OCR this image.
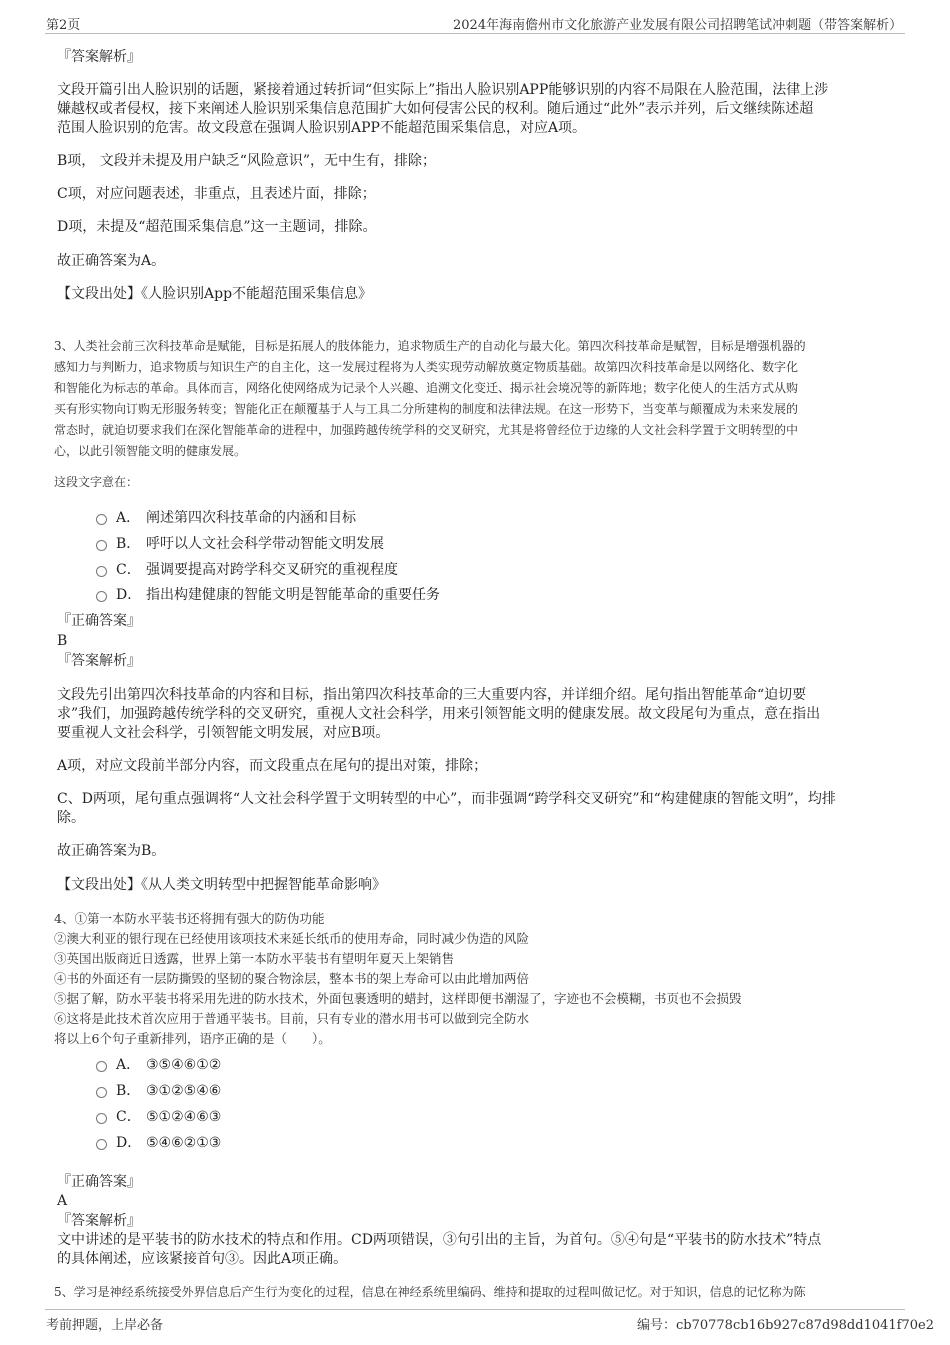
第2页	2024年海南儋州市文化旅游产业发展有限公司招聘笔试冲刺题（带答案解析）
『答案解析』
文段开篇引出人脸识别的话题，紧接着通过转折词“但实际上”指出人脸识别APP能够识别的内容不局限在人脸范围，法律上涉
嫌越权或者侵权，接下来阐述人脸识别采集信息范围扩大如何侵害公民的权利。随后通过“此外”表示并列，后文继续陈述超
范围人脸识别的危害。故文段意在强调人脸识别APP不能超范围采集信息，对应A项。
B项， 文段并未提及用户缺乏“风险意识”，无中生有，排除；
C项，对应问题表述，非重点，且表述片面，排除；
D项，未提及“超范围采集信息”这一主题词，排除。
故正确答案为A。
【文段出处】《人脸识别App不能超范围采集信息》
3、人类社会前三次科技革命是赋能，目标是拓展人的肢体能力，追求物质生产的自动化与最大化。第四次科技革命是赋智，目标是增强机器的
感知力与判断力，追求物质与知识生产的自主化，这一发展过程将为人类实现劳动解放奠定物质基础。故第四次科技革命是以网络化、数字化
和智能化为标志的革命。具体而言，网络化使网络成为记录个人兴趣、追溯文化变迁、揭示社会境况等的新阵地；数字化使人的生活方式从购
买有形实物向订购无形服务转变；智能化正在颠覆基于人与工具二分所建构的制度和法律法规。在这一形势下，当变革与颠覆成为未来发展的
常态时，就迫切要求我们在深化智能革命的进程中，加强跨越传统学科的交叉研究，尤其是将曾经位于边缘的人文社会科学置于文明转型的中
心，以此引领智能文明的健康发展。
这段文字意在：
A． 阐述第四次科技革命的内涵和目标
B． 呼吁以人文社会科学带动智能文明发展
C． 强调要提高对跨学科交叉研究的重视程度
D． 指出构建健康的智能文明是智能革命的重要任务
『正确答案』
B
『答案解析』
文段先引出第四次科技革命的内容和目标，指出第四次科技革命的三大重要内容，并详细介绍。尾句指出智能革命“迫切要
求”我们，加强跨越传统学科的交叉研究，重视人文社会科学，用来引领智能文明的健康发展。故文段尾句为重点，意在指出
要重视人文社会科学，引领智能文明发展，对应B项。
A项，对应文段前半部分内容，而文段重点在尾句的提出对策，排除；
C、D两项，尾句重点强调将“人文社会科学置于文明转型的中心”，而非强调“跨学科交叉研究”和“构建健康的智能文明”，均排
除。
故正确答案为B。
【文段出处】《从人类文明转型中把握智能革命影响》
4、①第一本防水平装书还将拥有强大的防伪功能
②澳大利亚的银行现在已经使用该项技术来延长纸币的使用寿命，同时减少伪造的风险
③英国出版商近日透露，世界上第一本防水平装书有望明年夏天上架销售
④书的外面还有一层防撕毁的坚韧的聚合物涂层，整本书的架上寿命可以由此增加两倍
⑤据了解，防水平装书将采用先进的防水技术，外面包裹透明的蜡封，这样即便书潮湿了，字迹也不会模糊，书页也不会损毁
⑥这将是此技术首次应用于普通平装书。目前，只有专业的潜水用书可以做到完全防水
将以上6个句子重新排列，语序正确的是（　　）。
A． ③⑤④⑥①②
B． ③①②⑤④⑥
C． ⑤①②④⑥③
D． ⑤④⑥②①③
『正确答案』
A
『答案解析』
文中讲述的是平装书的防水技术的特点和作用。CD两项错误，③句引出的主旨，为首句。⑤④句是“平装书的防水技术”特点
的具体阐述，应该紧接首句③。因此A项正确。
5、学习是神经系统接受外界信息后产生行为变化的过程，信息在神经系统里编码、维持和提取的过程叫做记忆。对于知识，信息的记忆称为陈
考前押题，上岸必备	编号：cb70778cb16b927c87d98dd1041f70e2
